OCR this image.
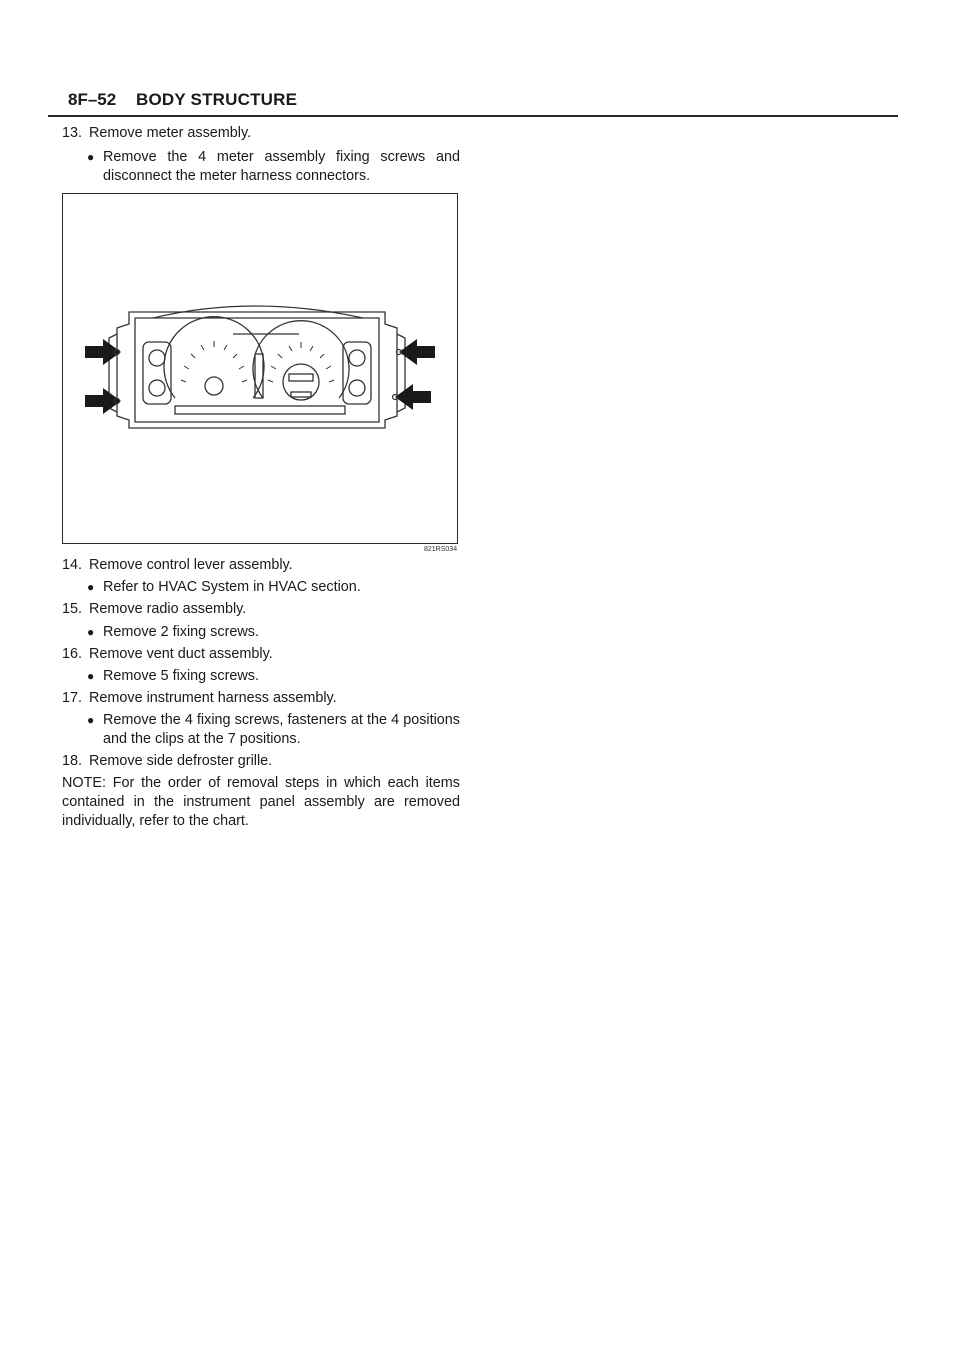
8F–52 BODY STRUCTURE
13. Remove meter assembly.
● Remove the 4 meter assembly fixing screws and disconnect the meter harness connectors.
821RS034
14. Remove control lever assembly.
● Refer to HVAC System in HVAC section.
15. Remove radio assembly.
● Remove 2 fixing screws.
16. Remove vent duct assembly.
● Remove 5 fixing screws.
17. Remove instrument harness assembly.
● Remove the 4 fixing screws, fasteners at the 4 positions and the clips at the 7 positions.
18. Remove side defroster grille.
NOTE: For the order of removal steps in which each items contained in the instrument panel assembly are removed individually, refer to the chart.
